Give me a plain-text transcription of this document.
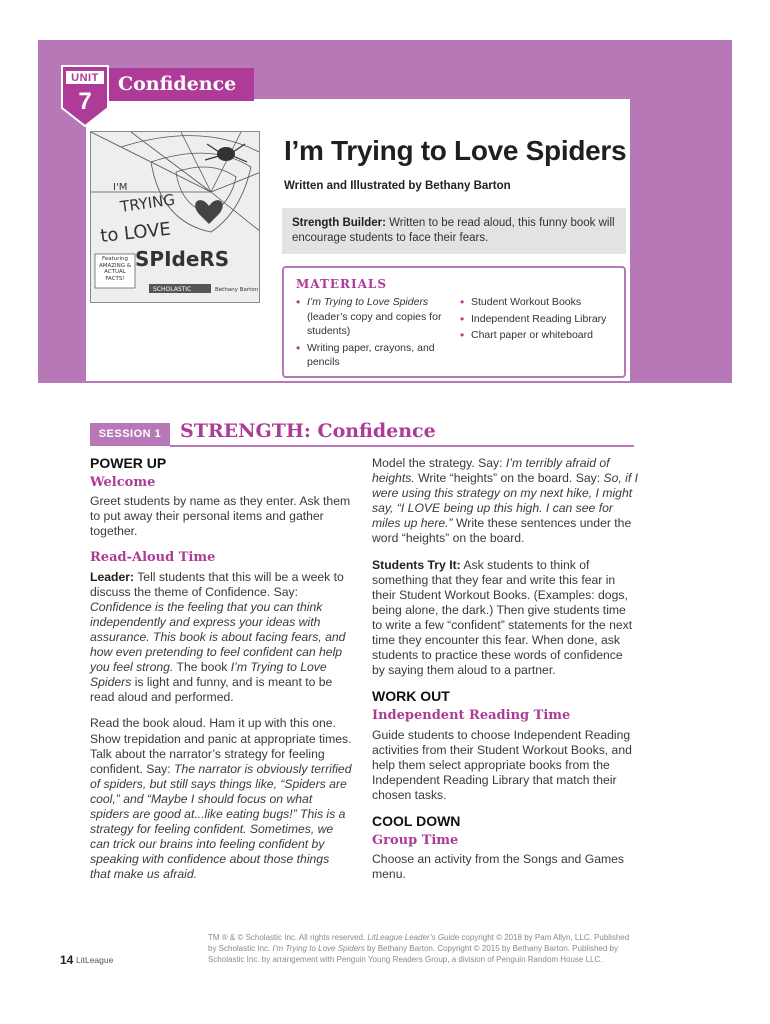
Confidence
UNIT
7
I'M
TRYING
to LOVE
SPIdeRS
Featuring AMAZING & ACTUAL FACTS!
SCHOLASTIC	Bethany Barton
I’m Trying to Love Spiders
Written and Illustrated by Bethany Barton
Strength Builder: Written to be read aloud, this funny book will encourage students to face their fears.
MATERIALS
• I’m Trying to Love Spiders (leader’s copy and copies for students)
• Writing paper, crayons, and pencils
• Student Workout Books
• Independent Reading Library
• Chart paper or whiteboard
SESSION 1 STRENGTH: Confidence
POWER UP
Welcome

Greet students by name as they enter. Ask them to put away their personal items and gather together.

Read-Aloud Time

Leader: Tell students that this will be a week to discuss the theme of Confidence. Say: Confidence is the feeling that you can think independently and express your ideas with assurance. This book is about facing fears, and how even pretending to feel confident can help you feel strong. The book I’m Trying to Love Spiders is light and funny, and is meant to be read aloud and performed.

Read the book aloud. Ham it up with this one. Show trepidation and panic at appropriate times. Talk about the narrator’s strategy for feeling confident. Say: The narrator is obviously terrified of spiders, but still says things like, “Spiders are cool,” and “Maybe I should focus on what spiders are good at...like eating bugs!” This is a strategy for feeling confident. Sometimes, we can trick our brains into feeling confident by speaking with confidence about those things that make us afraid.

Model the strategy. Say: I’m terribly afraid of heights. Write “heights” on the board. Say: So, if I were using this strategy on my next hike, I might say, “I LOVE being up this high. I can see for miles up here.” Write these sentences under the word “heights” on the board.

Students Try It: Ask students to think of something that they fear and write this fear in their Student Workout Books. (Examples: dogs, being alone, the dark.) Then give students time to write a few “confident” statements for the next time they encounter this fear. When done, ask students to practice these words of confidence by saying them aloud to a partner.

WORK OUT
Independent Reading Time

Guide students to choose Independent Reading activities from their Student Workout Books, and help them select appropriate books from the Independent Reading Library that match their chosen tasks.

COOL DOWN
Group Time

Choose an activity from the Songs and Games menu.

14 LitLeague
TM ® & © Scholastic Inc. All rights reserved. LitLeague Leader’s Guide copyright © 2018 by Pam Allyn, LLC. Published by Scholastic Inc. I’m Trying to Love Spiders by Bethany Barton. Copyright © 2015 by Bethany Barton. Published by Scholastic Inc. by arrangement with Penguin Young Readers Group, a division of Penguin Random House LLC.
